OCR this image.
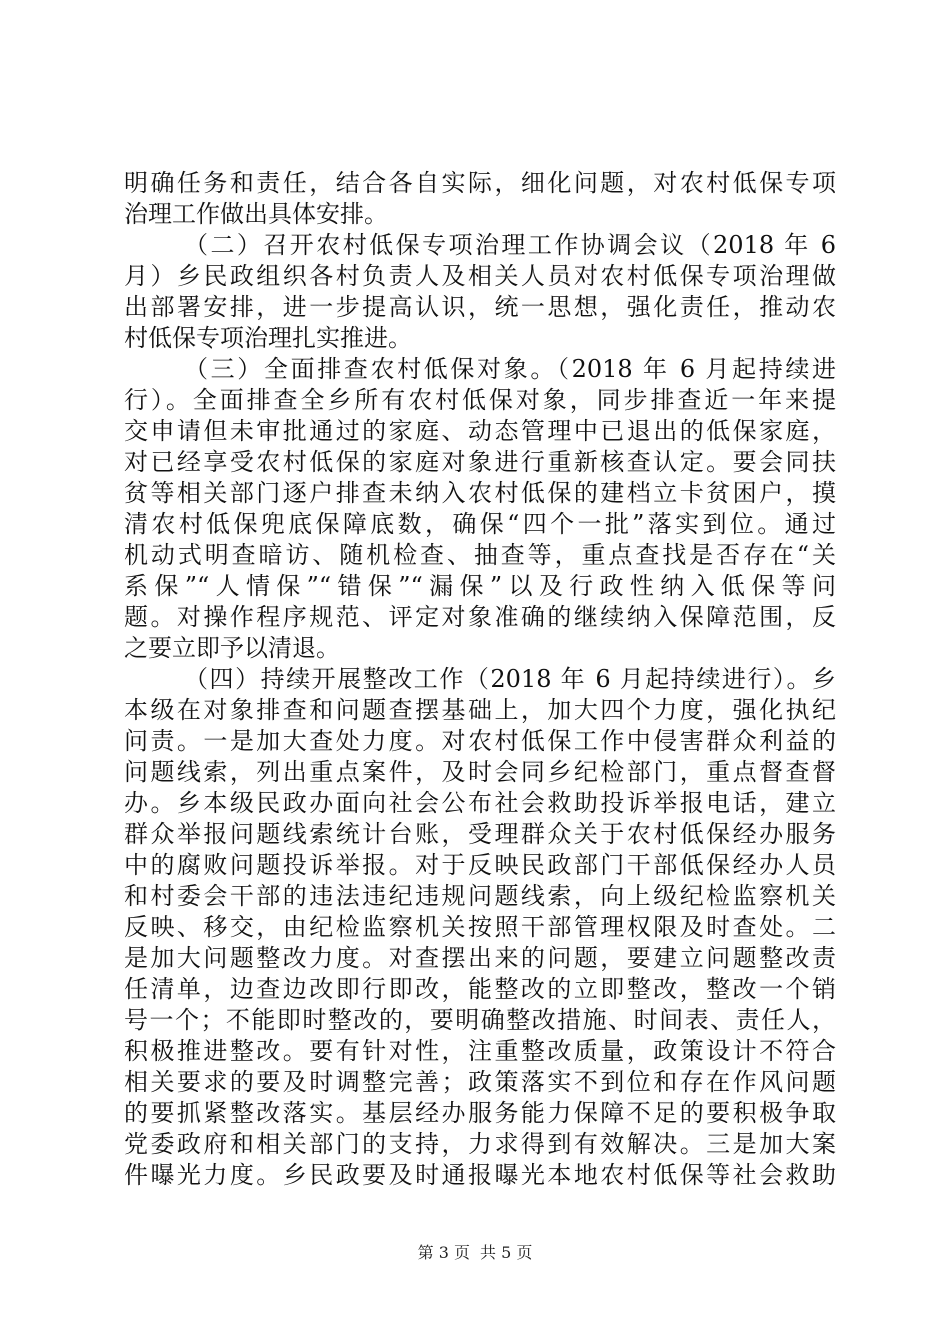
明确任务和责任，结合各自实际，细化问题，对农村低保专项
治理工作做出具体安排。
（二）召开农村低保专项治理工作协调会议（2018 年 6
月）乡民政组织各村负责人及相关人员对农村低保专项治理做
出部署安排，进一步提高认识，统一思想，强化责任，推动农
村低保专项治理扎实推进。
（三）全面排查农村低保对象。（2018 年 6 月起持续进
行）。全面排查全乡所有农村低保对象，同步排查近一年来提
交申请但未审批通过的家庭、动态管理中已退出的低保家庭，
对已经享受农村低保的家庭对象进行重新核查认定。要会同扶
贫等相关部门逐户排查未纳入农村低保的建档立卡贫困户，摸
清农村低保兜底保障底数，确保“四个一批”落实到位。通过
机动式明查暗访、随机检查、抽查等，重点查找是否存在“关
系保”“人情保”“错保”“漏保”以及行政性纳入低保等问
题。对操作程序规范、评定对象准确的继续纳入保障范围，反
之要立即予以清退。
（四）持续开展整改工作（2018 年 6 月起持续进行）。乡
本级在对象排查和问题查摆基础上，加大四个力度，强化执纪
问责。一是加大查处力度。对农村低保工作中侵害群众利益的
问题线索，列出重点案件，及时会同乡纪检部门，重点督查督
办。乡本级民政办面向社会公布社会救助投诉举报电话，建立
群众举报问题线索统计台账，受理群众关于农村低保经办服务
中的腐败问题投诉举报。对于反映民政部门干部低保经办人员
和村委会干部的违法违纪违规问题线索，向上级纪检监察机关
反映、移交，由纪检监察机关按照干部管理权限及时查处。二
是加大问题整改力度。对查摆出来的问题，要建立问题整改责
任清单，边查边改即行即改，能整改的立即整改，整改一个销
号一个；不能即时整改的，要明确整改措施、时间表、责任人，
积极推进整改。要有针对性，注重整改质量，政策设计不符合
相关要求的要及时调整完善；政策落实不到位和存在作风问题
的要抓紧整改落实。基层经办服务能力保障不足的要积极争取
党委政府和相关部门的支持，力求得到有效解决。三是加大案
件曝光力度。乡民政要及时通报曝光本地农村低保等社会救助
第 3 页 共 5 页
